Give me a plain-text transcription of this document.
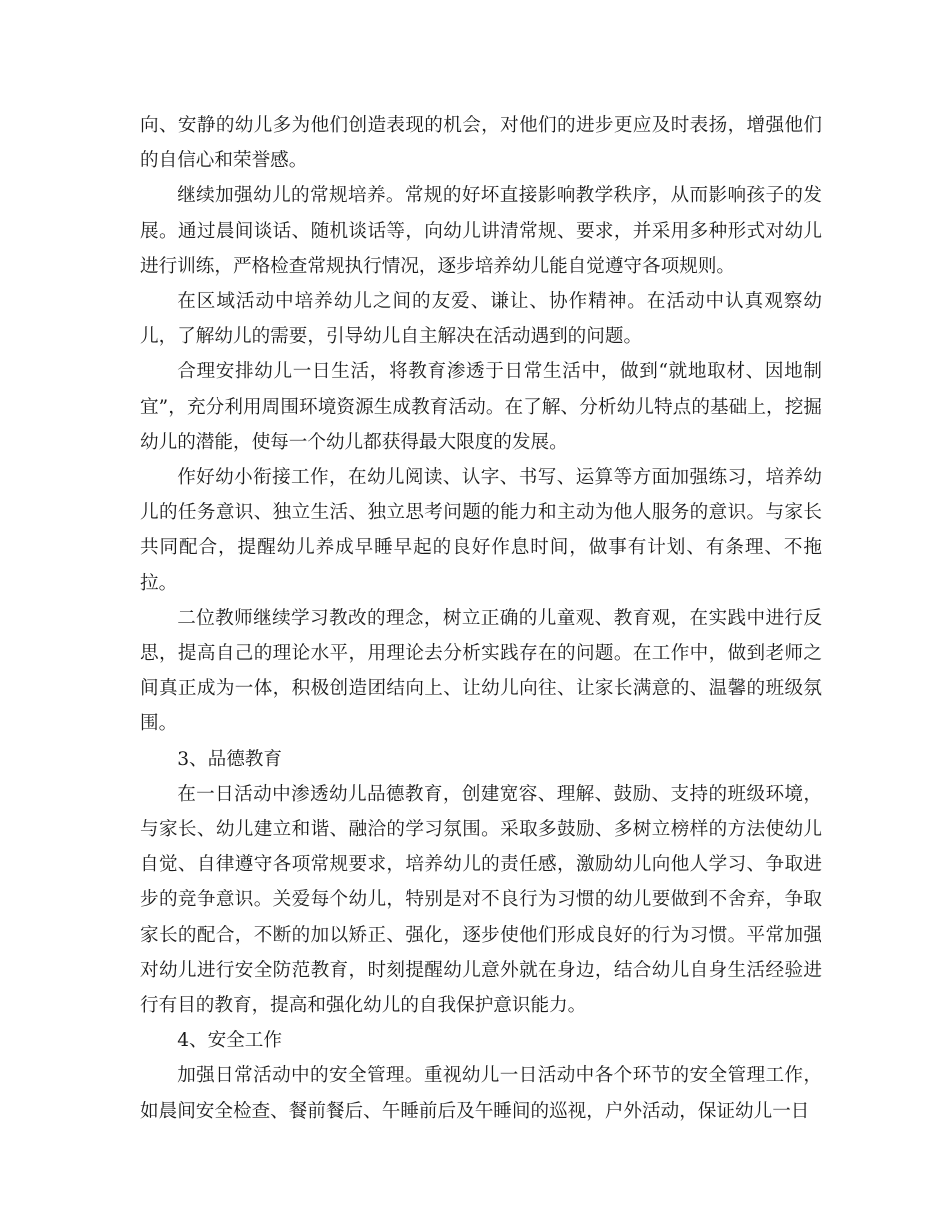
向、安静的幼儿多为他们创造表现的机会，对他们的进步更应及时表扬，增强他们的自信心和荣誉感。

继续加强幼儿的常规培养。常规的好坏直接影响教学秩序，从而影响孩子的发展。通过晨间谈话、随机谈话等，向幼儿讲清常规、要求，并采用多种形式对幼儿进行训练，严格检查常规执行情况，逐步培养幼儿能自觉遵守各项规则。

在区域活动中培养幼儿之间的友爱、谦让、协作精神。在活动中认真观察幼儿，了解幼儿的需要，引导幼儿自主解决在活动遇到的问题。

合理安排幼儿一日生活，将教育渗透于日常生活中，做到“就地取材、因地制宜”，充分利用周围环境资源生成教育活动。在了解、分析幼儿特点的基础上，挖掘幼儿的潜能，使每一个幼儿都获得最大限度的发展。

作好幼小衔接工作，在幼儿阅读、认字、书写、运算等方面加强练习，培养幼儿的任务意识、独立生活、独立思考问题的能力和主动为他人服务的意识。与家长共同配合，提醒幼儿养成早睡早起的良好作息时间，做事有计划、有条理、不拖拉。

二位教师继续学习教改的理念，树立正确的儿童观、教育观，在实践中进行反思，提高自己的理论水平，用理论去分析实践存在的问题。在工作中，做到老师之间真正成为一体，积极创造团结向上、让幼儿向往、让家长满意的、温馨的班级氛围。

3、品德教育

在一日活动中渗透幼儿品德教育，创建宽容、理解、鼓励、支持的班级环境，与家长、幼儿建立和谐、融洽的学习氛围。采取多鼓励、多树立榜样的方法使幼儿自觉、自律遵守各项常规要求，培养幼儿的责任感，激励幼儿向他人学习、争取进步的竞争意识。关爱每个幼儿，特别是对不良行为习惯的幼儿要做到不舍弃，争取家长的配合，不断的加以矫正、强化，逐步使他们形成良好的行为习惯。平常加强对幼儿进行安全防范教育，时刻提醒幼儿意外就在身边，结合幼儿自身生活经验进行有目的教育，提高和强化幼儿的自我保护意识能力。

4、安全工作

加强日常活动中的安全管理。重视幼儿一日活动中各个环节的安全管理工作，如晨间安全检查、餐前餐后、午睡前后及午睡间的巡视，户外活动，保证幼儿一日
